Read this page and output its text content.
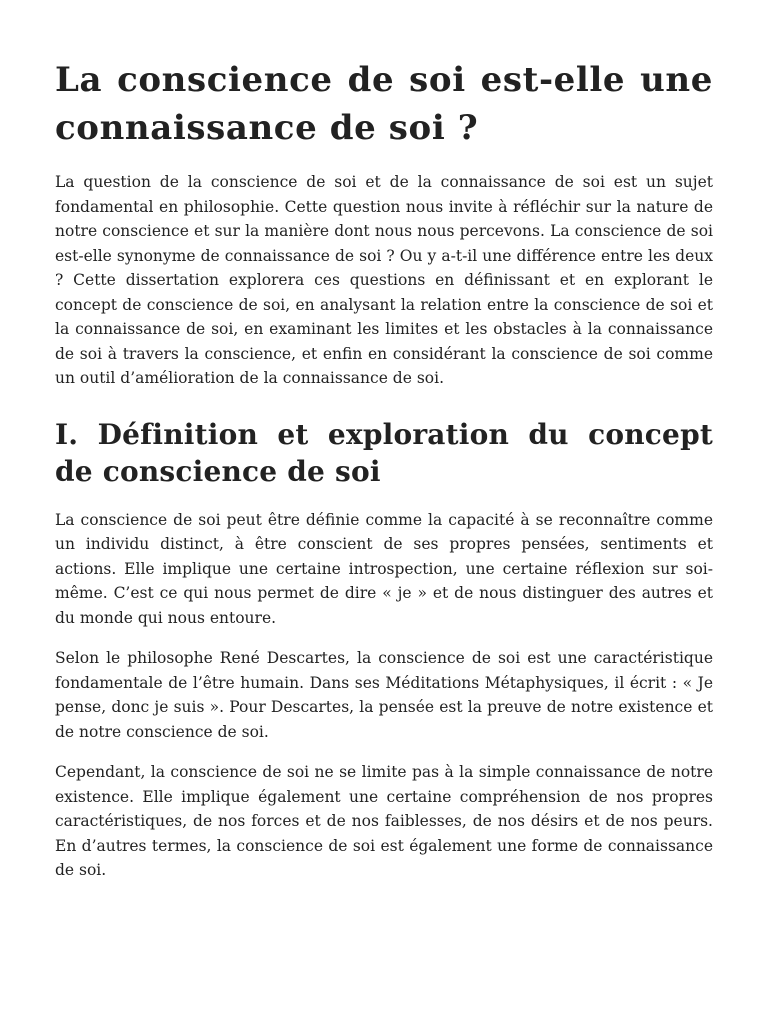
La conscience de soi est-elle une connaissance de soi ?

La question de la conscience de soi et de la connaissance de soi est un sujet fondamental en philosophie. Cette question nous invite à réfléchir sur la nature de notre conscience et sur la manière dont nous nous percevons. La conscience de soi est-elle synonyme de connaissance de soi ? Ou y a-t-il une différence entre les deux ? Cette dissertation explorera ces questions en définissant et en explorant le concept de conscience de soi, en analysant la relation entre la conscience de soi et la connaissance de soi, en examinant les limites et les obstacles à la connaissance de soi à travers la conscience, et enfin en considérant la conscience de soi comme un outil d’amélioration de la connaissance de soi.

I. Définition et exploration du concept de conscience de soi

La conscience de soi peut être définie comme la capacité à se reconnaître comme un individu distinct, à être conscient de ses propres pensées, sentiments et actions. Elle implique une certaine introspection, une certaine réflexion sur soi-même. C’est ce qui nous permet de dire « je » et de nous distinguer des autres et du monde qui nous entoure.

Selon le philosophe René Descartes, la conscience de soi est une caractéristique fondamentale de l’être humain. Dans ses Méditations Métaphysiques, il écrit : « Je pense, donc je suis ». Pour Descartes, la pensée est la preuve de notre existence et de notre conscience de soi.

Cependant, la conscience de soi ne se limite pas à la simple connaissance de notre existence. Elle implique également une certaine compréhension de nos propres caractéristiques, de nos forces et de nos faiblesses, de nos désirs et de nos peurs. En d’autres termes, la conscience de soi est également une forme de connaissance de soi.
